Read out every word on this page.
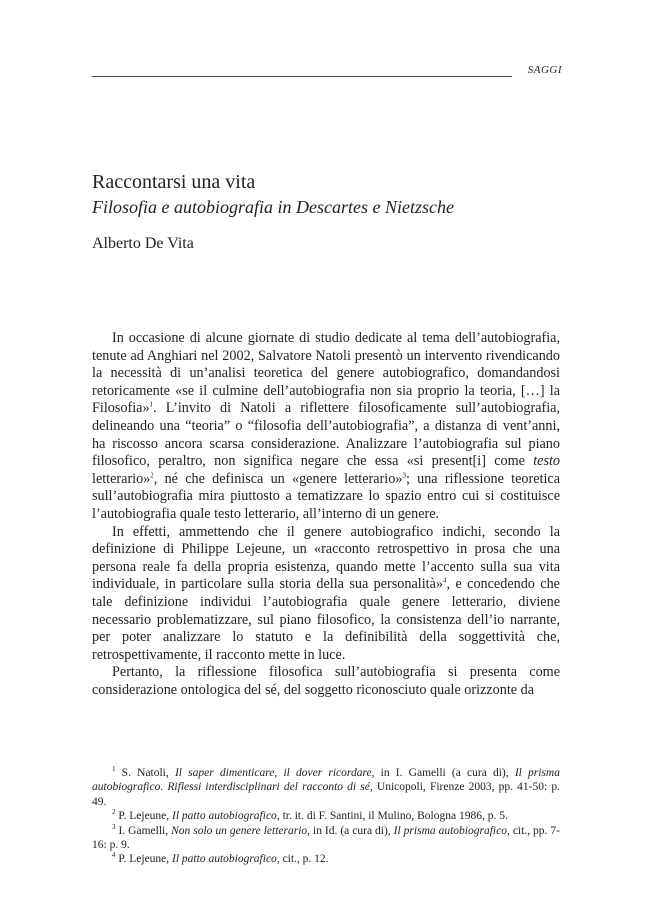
SAGGI
Raccontarsi una vita
Filosofia e autobiografia in Descartes e Nietzsche
Alberto De Vita

In occasione di alcune giornate di studio dedicate al tema dell’autobiografia, tenute ad Anghiari nel 2002, Salvatore Natoli presentò un intervento rivendicando la necessità di un’analisi teoretica del genere autobiografico, domandandosi retoricamente «se il culmine dell’autobiografia non sia proprio la teoria, […] la Filosofia»$^1$. L’invito di Natoli a riflettere filosoficamente sull’autobiografia, delineando una “teoria” o “filosofia dell’autobiografia”, a distanza di vent’anni, ha riscosso ancora scarsa considerazione. Analizzare l’autobiografia sul piano filosofico, peraltro, non significa negare che essa «si present[i] come testo letterario»$^2$, né che definisca un «genere letterario»$^3$; una riflessione teoretica sull’autobiografia mira piuttosto a tematizzare lo spazio entro cui si costituisce l’autobiografia quale testo letterario, all’interno di un genere.

In effetti, ammettendo che il genere autobiografico indichi, secondo la definizione di Philippe Lejeune, un «racconto retrospettivo in prosa che una persona reale fa della propria esistenza, quando mette l’accento sulla sua vita individuale, in particolare sulla storia della sua personalità»$^4$, e concedendo che tale definizione individui l’autobiografia quale genere letterario, diviene necessario problematizzare, sul piano filosofico, la consistenza dell’io narrante, per poter analizzare lo statuto e la definibilità della soggettività che, retrospettivamente, il racconto mette in luce.

Pertanto, la riflessione filosofica sull’autobiografia si presenta come considerazione ontologica del sé, del soggetto riconosciuto quale orizzonte da

$^1$ S. Natoli, Il saper dimenticare, il dover ricordare, in I. Gamelli (a cura di), Il prisma autobiografico. Riflessi interdisciplinari del racconto di sé, Unicopoli, Firenze 2003, pp. 41-50: p. 49.

$^2$ P. Lejeune, Il patto autobiografico, tr. it. di F. Santini, il Mulino, Bologna 1986, p. 5.

$^3$ I. Gamelli, Non solo un genere letterario, in Id. (a cura di), Il prisma autobiografico, cit., pp. 7-16: p. 9.

$^4$ P. Lejeune, Il patto autobiografico, cit., p. 12.
